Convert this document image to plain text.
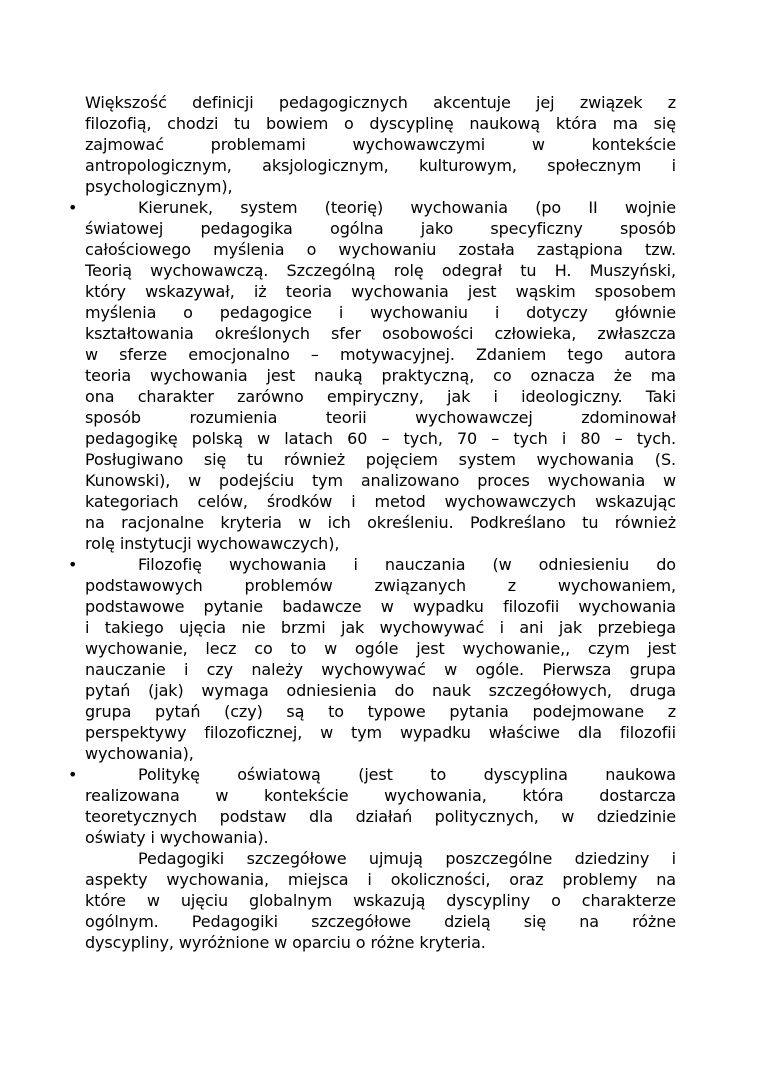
Większość definicji pedagogicznych akcentuje jej związek z
filozofią, chodzi tu bowiem o dyscyplinę naukową która ma się
zajmować problemami wychowawczymi w kontekście
antropologicznym, aksjologicznym, kulturowym, społecznym i
psychologicznym),
•	Kierunek, system (teorię) wychowania (po II wojnie
światowej pedagogika ogólna jako specyficzny sposób
całościowego myślenia o wychowaniu została zastąpiona tzw.
Teorią wychowawczą. Szczególną rolę odegrał tu H. Muszyński,
który wskazywał, iż teoria wychowania jest wąskim sposobem
myślenia o pedagogice i wychowaniu i dotyczy głównie
kształtowania określonych sfer osobowości człowieka, zwłaszcza
w sferze emocjonalno – motywacyjnej. Zdaniem tego autora
teoria wychowania jest nauką praktyczną, co oznacza że ma
ona charakter zarówno empiryczny, jak i ideologiczny. Taki
sposób rozumienia teorii wychowawczej zdominował
pedagogikę polską w latach 60 – tych, 70 – tych i 80 – tych.
Posługiwano się tu również pojęciem system wychowania (S.
Kunowski), w podejściu tym analizowano proces wychowania w
kategoriach celów, środków i metod wychowawczych wskazując
na racjonalne kryteria w ich określeniu. Podkreślano tu również
rolę instytucji wychowawczych),
•	Filozofię wychowania i nauczania (w odniesieniu do
podstawowych problemów związanych z wychowaniem,
podstawowe pytanie badawcze w wypadku filozofii wychowania
i takiego ujęcia nie brzmi jak wychowywać i ani jak przebiega
wychowanie, lecz co to w ogóle jest wychowanie,, czym jest
nauczanie i czy należy wychowywać w ogóle. Pierwsza grupa
pytań (jak) wymaga odniesienia do nauk szczegółowych, druga
grupa pytań (czy) są to typowe pytania podejmowane z
perspektywy filozoficznej, w tym wypadku właściwe dla filozofii
wychowania),
•	Politykę oświatową (jest to dyscyplina naukowa
realizowana w kontekście wychowania, która dostarcza
teoretycznych podstaw dla działań politycznych, w dziedzinie
oświaty i wychowania).
Pedagogiki szczegółowe ujmują poszczególne dziedziny i
aspekty wychowania, miejsca i okoliczności, oraz problemy na
które w ujęciu globalnym wskazują dyscypliny o charakterze
ogólnym. Pedagogiki szczegółowe dzielą się na różne
dyscypliny, wyróżnione w oparciu o różne kryteria.
